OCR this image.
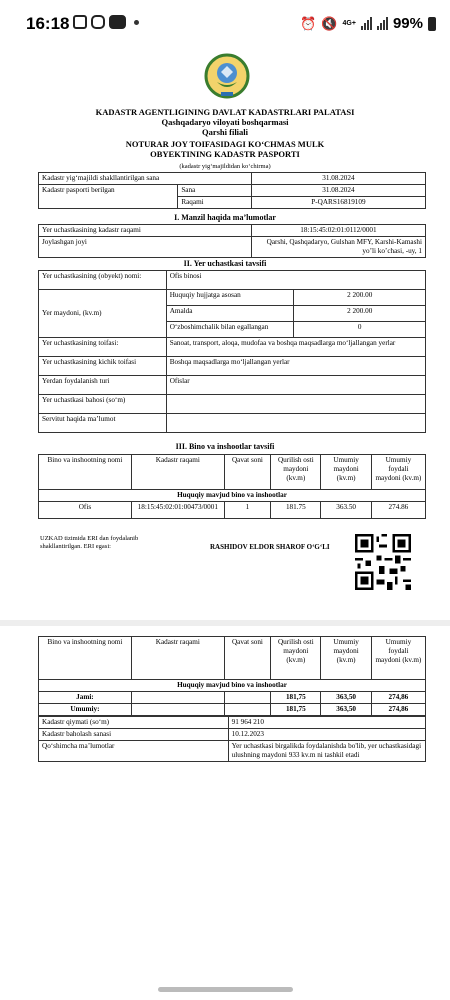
16:18	⏰ 🔇 4G+ 99%
KADASTR AGENTLIGINING DAVLAT KADASTRLARI PALATASI
Qashqadaryo viloyati boshqarmasi
Qarshi filiali
NOTURAR JOY TOIFASIDAGI KO‘CHMAS MULK
OBYEKTINING KADASTR PASPORTI
(kadastr yig‘majildidan ko‘chirma)
Kadastr yig‘majildi shakllantirilgan sana		31.08.2024
Kadastr pasporti berilgan	Sana	31.08.2024
	Raqami	P-QARS16819109
I. Manzil haqida ma’lumotlar
Yer uchastkasining kadastr raqami	18:15:45:02:01:0112/0001
Joylashgan joyi	Qarshi, Qashqadaryo, Gulshan MFY, Karshi-Kamashi yo’li ko’chasi, -uy, 1
II. Yer uchastkasi tavsifi
Yer uchastkasining (obyekt) nomi:	Ofis binosi	
Yer maydoni, (kv.m)	Huquqiy hujjatga asosan	2 200.00
	Amalda	2 200.00
	O‘zboshimchalik bilan egallangan	0
Yer uchastkasining toifasi:	Sanoat, transport, aloqa, mudofaa va boshqa maqsadlarga mo‘ljallangan yerlar	
Yer uchastkasining kichik toifasi	Boshqa maqsadlarga mo‘ljallangan yerlar	
Yerdan foydalanish turi	Ofislar	
Yer uchastkasi bahosi (so‘m)		
Servitut haqida ma’lumot		
III. Bino va inshootlar tavsifi
Bino va inshootning nomi	Kadastr raqami	Qavat soni	Qurilish osti maydoni (kv.m)	Umumiy maydoni (kv.m)	Umumiy foydali maydoni (kv.m)
Huquqiy mavjud bino va inshootlar					
Ofis	18:15:45:02:01:00473/0001	1	181.75	363.50	274.86
UZKAD tizimida ERI dan foydalanib shakllantirilgan. ERI egasi:	RASHIDOV ELDOR SHAROF O‘G‘LI
Bino va inshootning nomi	Kadastr raqami	Qavat soni	Qurilish osti maydoni (kv.m)	Umumiy maydoni (kv.m)	Umumiy foydali maydoni (kv.m)
Huquqiy mavjud bino va inshootlar					
Jami:			181,75	363,50	274,86
Umumiy:			181,75	363,50	274,86
Kadastr qiymati (so‘m)	91 964 210
Kadastr baholash sanasi	10.12.2023
Qo‘shimcha ma’lumotlar	Yer uchastkasi birgalikda foydalanishda bo'lib, yer uchastkasidagi ulushning maydoni 933 kv.m ni tashkil etadi
